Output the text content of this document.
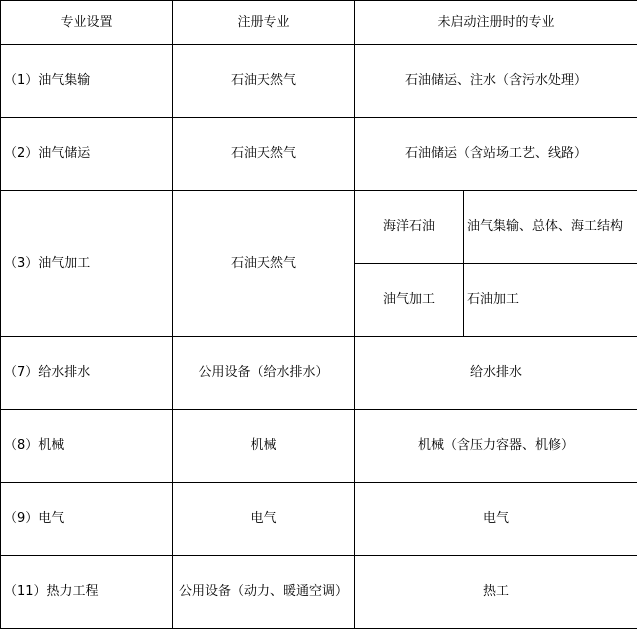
专业设置	注册专业	未启动注册时的专业	
（1）油气集输	石油天然气	石油储运、注水（含污水处理）	
（2）油气储运	石油天然气	石油储运（含站场工艺、线路）	
（3）油气加工	石油天然气	海洋石油	油气集输、总体、海工结构
		油气加工	石油加工
（7）给水排水	公用设备（给水排水）	给水排水	
（8）机械	机械	机械（含压力容器、机修）	
（9）电气	电气	电气	
（11）热力工程	公用设备（动力、暖通空调）	热工	
